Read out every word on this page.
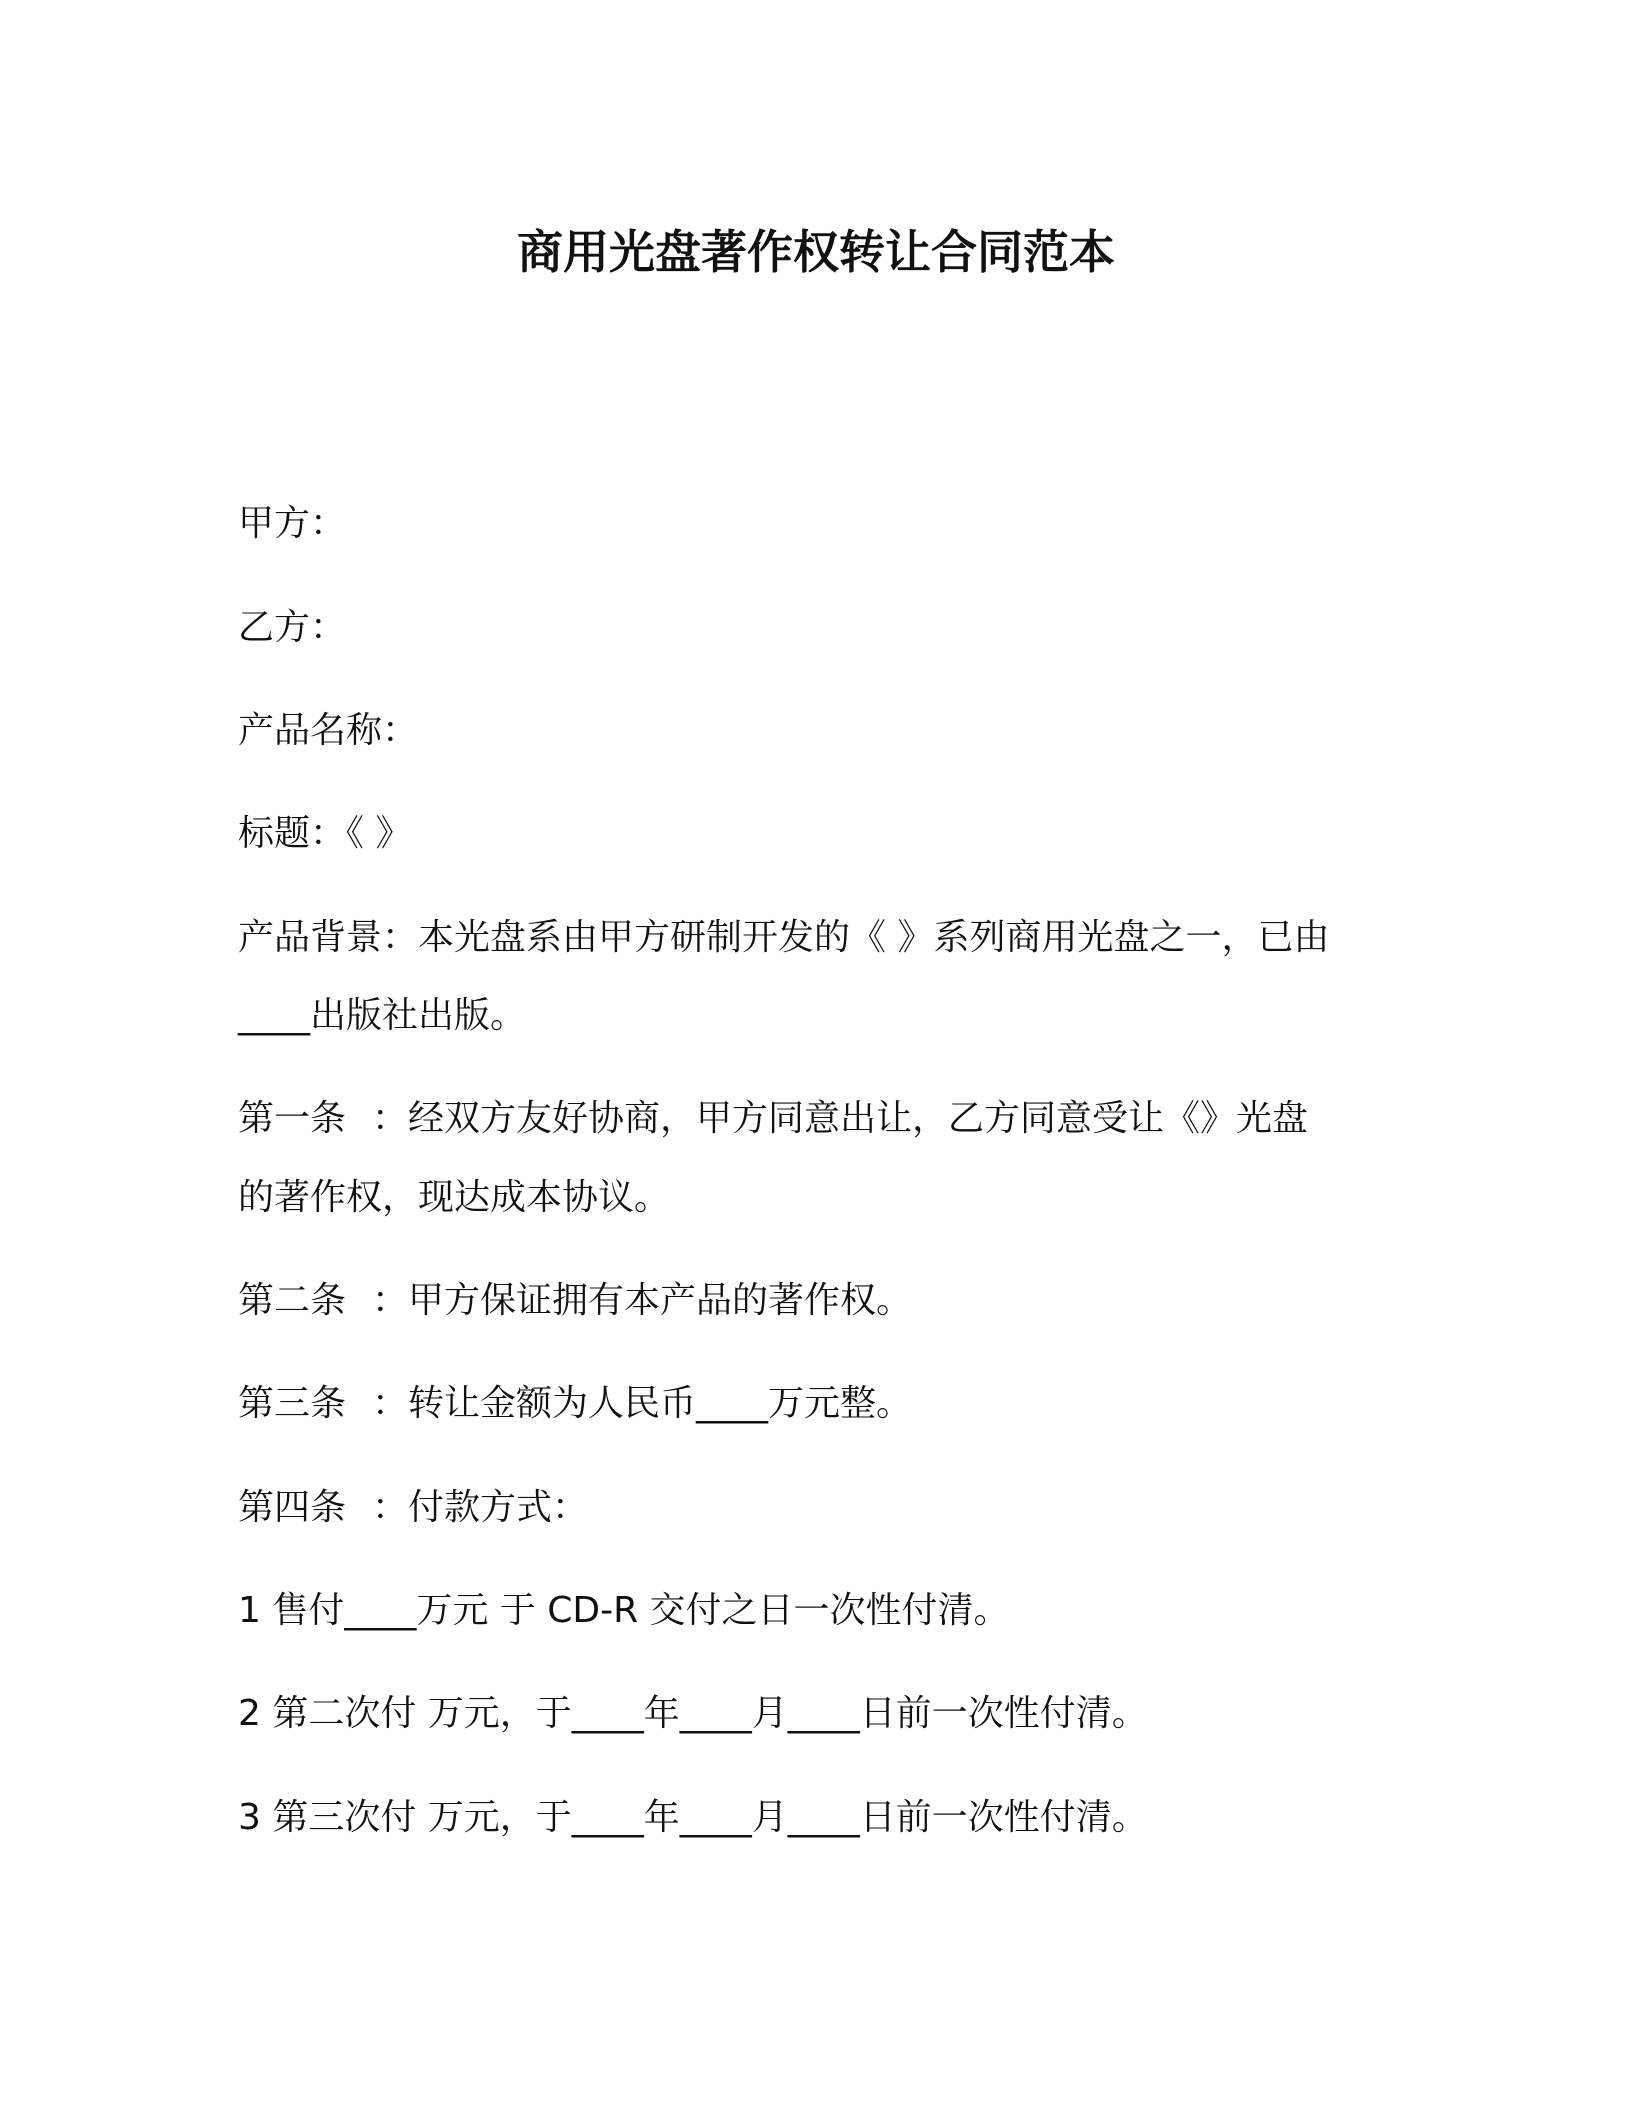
商用光盘著作权转让合同范本
甲方：
乙方：
产品名称：
标题：《 》
产品背景：本光盘系由甲方研制开发的《 》系列商用光盘之一，已由
____出版社出版。
第一条 ：经双方友好协商，甲方同意出让，乙方同意受让《》光盘
的著作权，现达成本协议。
第二条 ：甲方保证拥有本产品的著作权。
第三条 ：转让金额为人民币____万元整。
第四条 ：付款方式：
1 售付____万元 于 CD-R 交付之日一次性付清。
2 第二次付 万元，于____年____月____日前一次性付清。
3 第三次付 万元，于____年____月____日前一次性付清。
